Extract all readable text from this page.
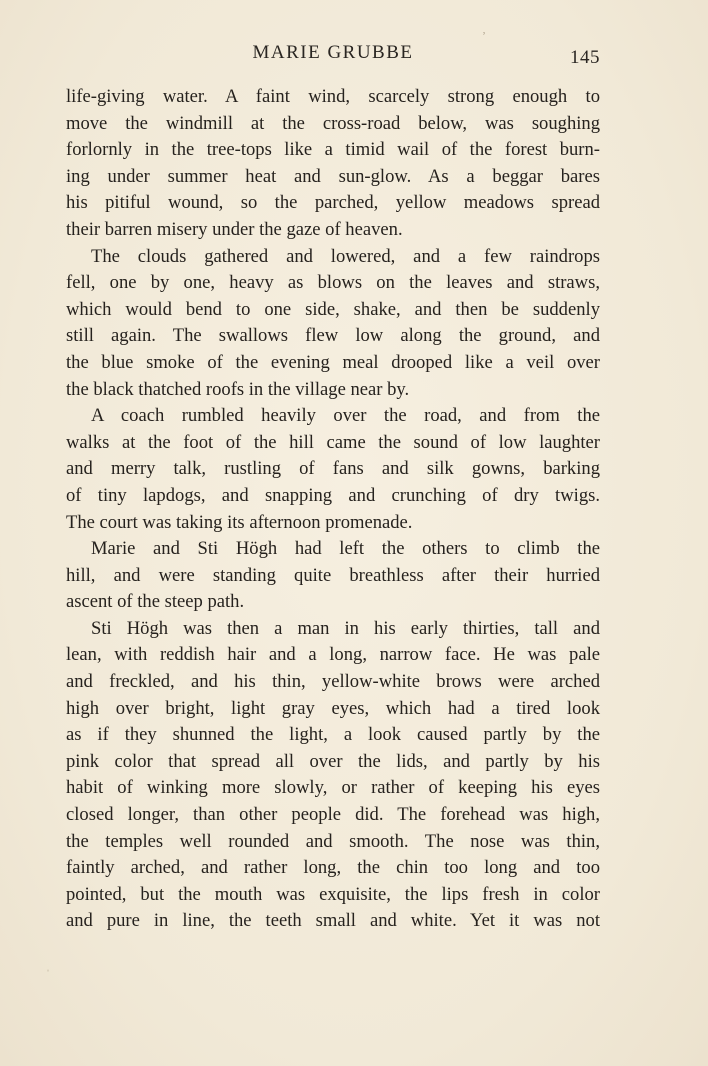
MARIE GRUBBE	145
life-giving water. A faint wind, scarcely strong enough to
move the windmill at the cross-road below, was soughing
forlornly in the tree-tops like a timid wail of the forest burn-
ing under summer heat and sun-glow. As a beggar bares
his pitiful wound, so the parched, yellow meadows spread
their barren misery under the gaze of heaven.
The clouds gathered and lowered, and a few raindrops
fell, one by one, heavy as blows on the leaves and straws,
which would bend to one side, shake, and then be suddenly
still again. The swallows flew low along the ground, and
the blue smoke of the evening meal drooped like a veil over
the black thatched roofs in the village near by.
A coach rumbled heavily over the road, and from the
walks at the foot of the hill came the sound of low laughter
and merry talk, rustling of fans and silk gowns, barking
of tiny lapdogs, and snapping and crunching of dry twigs.
The court was taking its afternoon promenade.
Marie and Sti Högh had left the others to climb the
hill, and were standing quite breathless after their hurried
ascent of the steep path.
Sti Högh was then a man in his early thirties, tall and
lean, with reddish hair and a long, narrow face. He was pale
and freckled, and his thin, yellow-white brows were arched
high over bright, light gray eyes, which had a tired look
as if they shunned the light, a look caused partly by the
pink color that spread all over the lids, and partly by his
habit of winking more slowly, or rather of keeping his eyes
closed longer, than other people did. The forehead was high,
the temples well rounded and smooth. The nose was thin,
faintly arched, and rather long, the chin too long and too
pointed, but the mouth was exquisite, the lips fresh in color
and pure in line, the teeth small and white. Yet it was not
‚
ˌ
